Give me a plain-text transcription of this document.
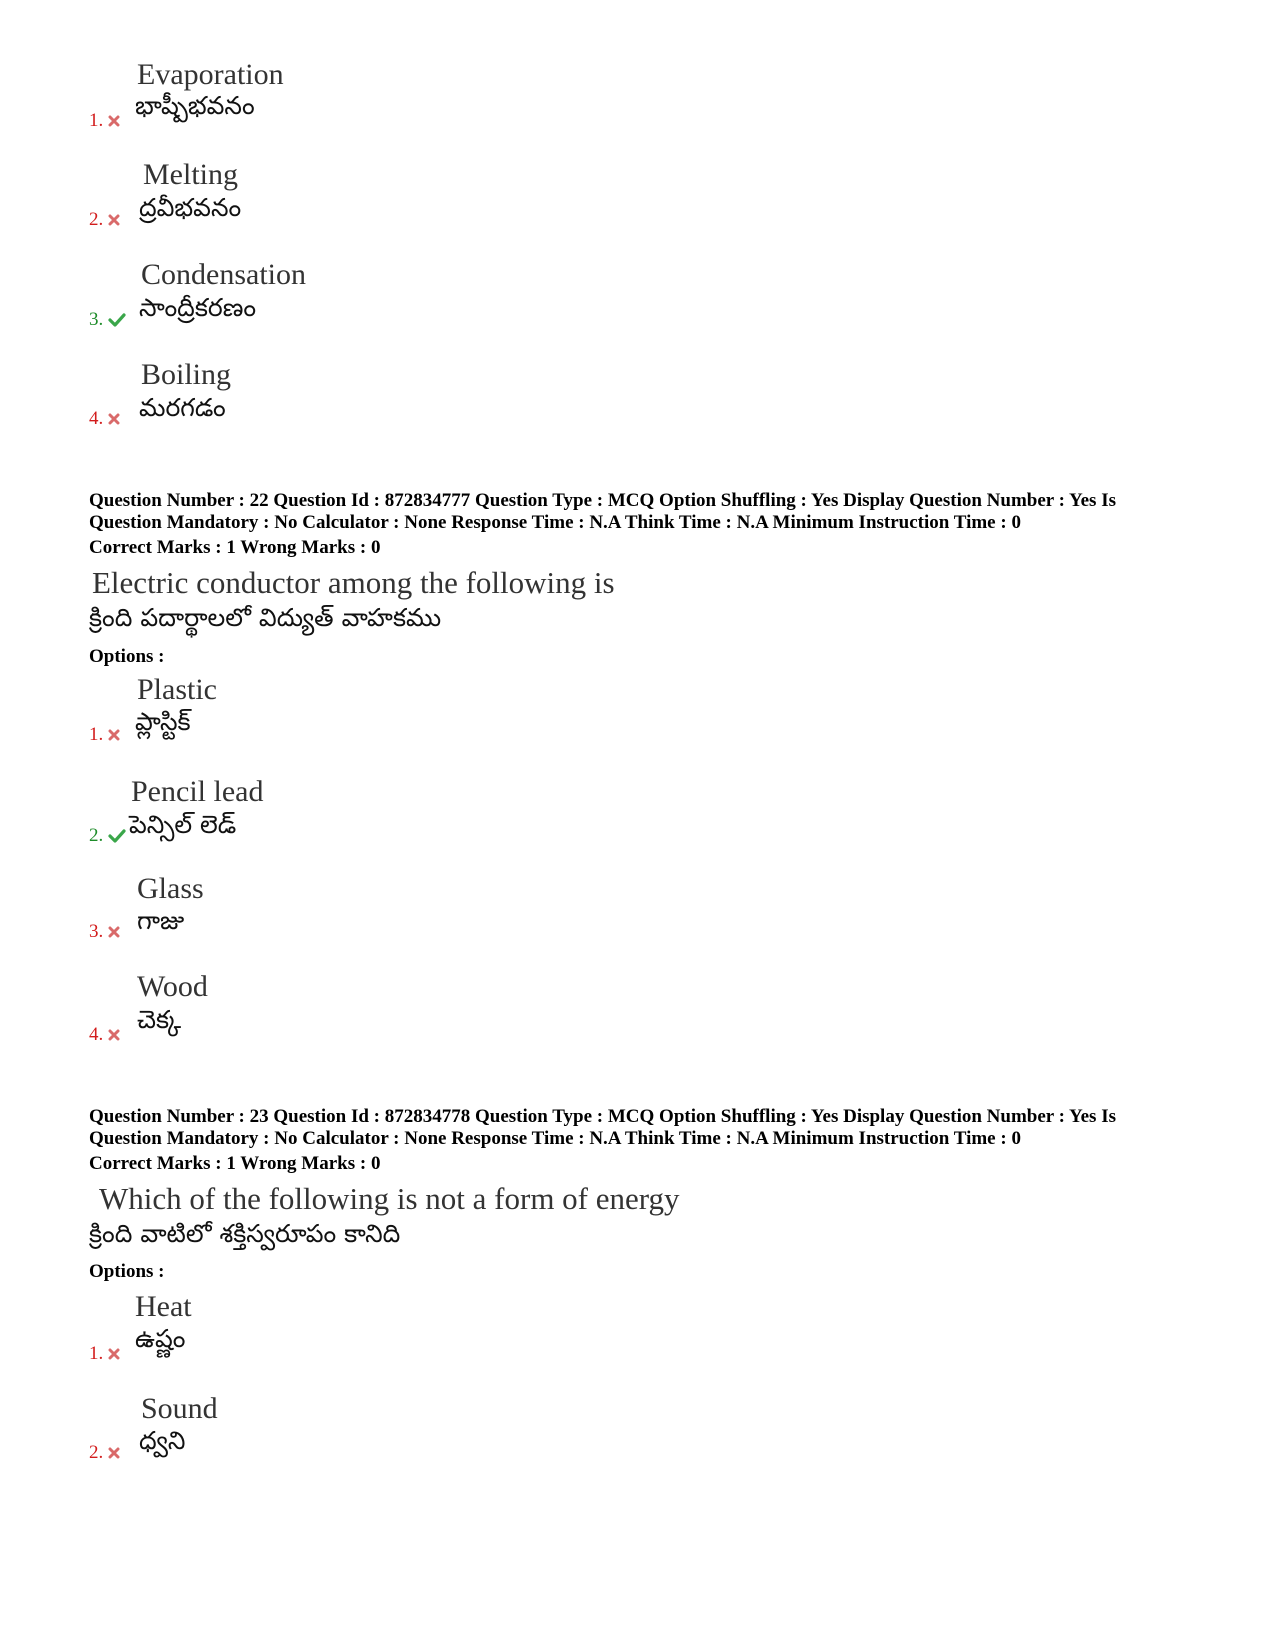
Evaporation
భాష్పీభవనం
1.
Melting
ద్రవీభవనం
2.
Condensation
సాంద్రీకరణం
3.
Boiling
మరగడం
4.
Question Number : 22 Question Id : 872834777 Question Type : MCQ Option Shuffling : Yes Display Question Number : Yes Is
Question Mandatory : No Calculator : None Response Time : N.A Think Time : N.A Minimum Instruction Time : 0
Correct Marks : 1 Wrong Marks : 0
Electric conductor among the following is
క్రింది పదార్థాలలో విద్యుత్ వాహకము
Options :
Plastic
ప్లాస్టిక్
1.
Pencil lead
పెన్సిల్ లెడ్
2.
Glass
గాజు
3.
Wood
చెక్క
4.
Question Number : 23 Question Id : 872834778 Question Type : MCQ Option Shuffling : Yes Display Question Number : Yes Is
Question Mandatory : No Calculator : None Response Time : N.A Think Time : N.A Minimum Instruction Time : 0
Correct Marks : 1 Wrong Marks : 0
Which of the following is not a form of energy
క్రింది వాటిలో శక్తిస్వరూపం కానిది
Options :
Heat
ఉష్ణం
1.
Sound
ధ్వని
2.
